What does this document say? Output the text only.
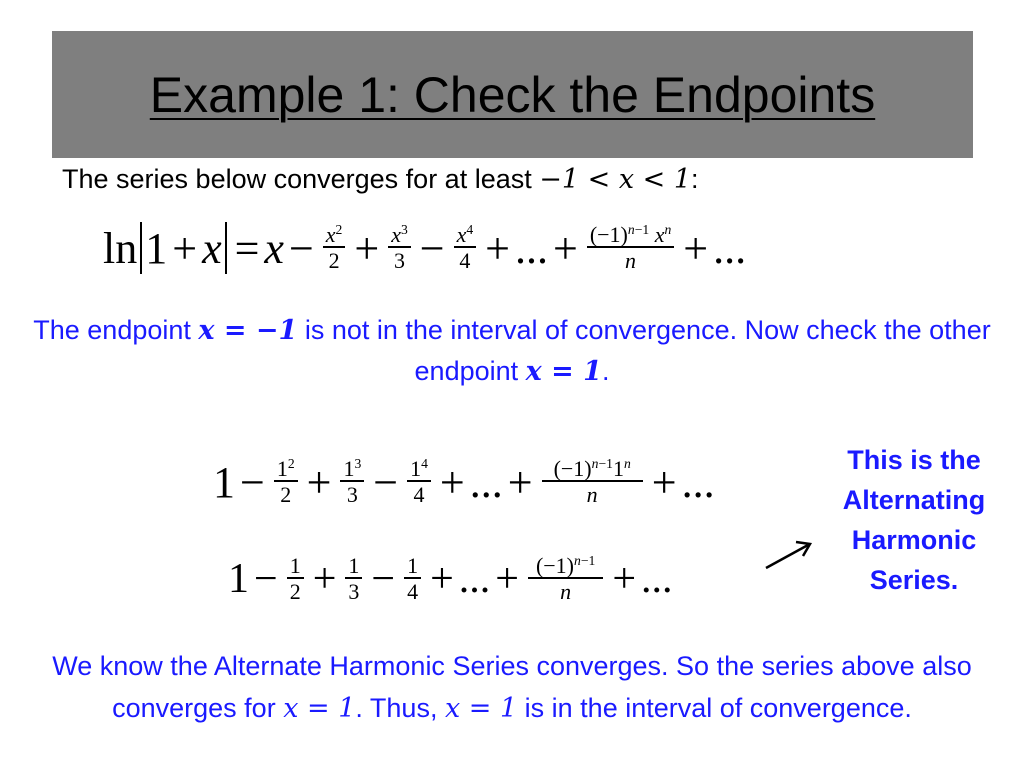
Example 1: Check the Endpoints
The series below converges for at least −1 < x < 1:
$\ln 1 + x = x - \frac{x^2}{2} + \frac{x^3}{3} - \frac{x^4}{4}$ + ... + $\frac{(-1)^{n-1} x^n}{n}$ + ...
The endpoint x = −1 is not in the interval of convergence. Now check the other endpoint x = 1.
$1 - \frac{1^2}{2} + \frac{1^3}{3} - \frac{1^4}{4}$ + ... + $\frac{(-1)^{n-1}1^n}{n}$ + ...
$1 - \frac{1}{2} + \frac{1}{3} - \frac{1}{4}$ + ... + $\frac{(-1)^{n-1}}{n}$ + ...
This is the Alternating Harmonic Series.
We know the Alternate Harmonic Series converges. So the series above also converges for x = 1. Thus, x = 1 is in the interval of convergence.
